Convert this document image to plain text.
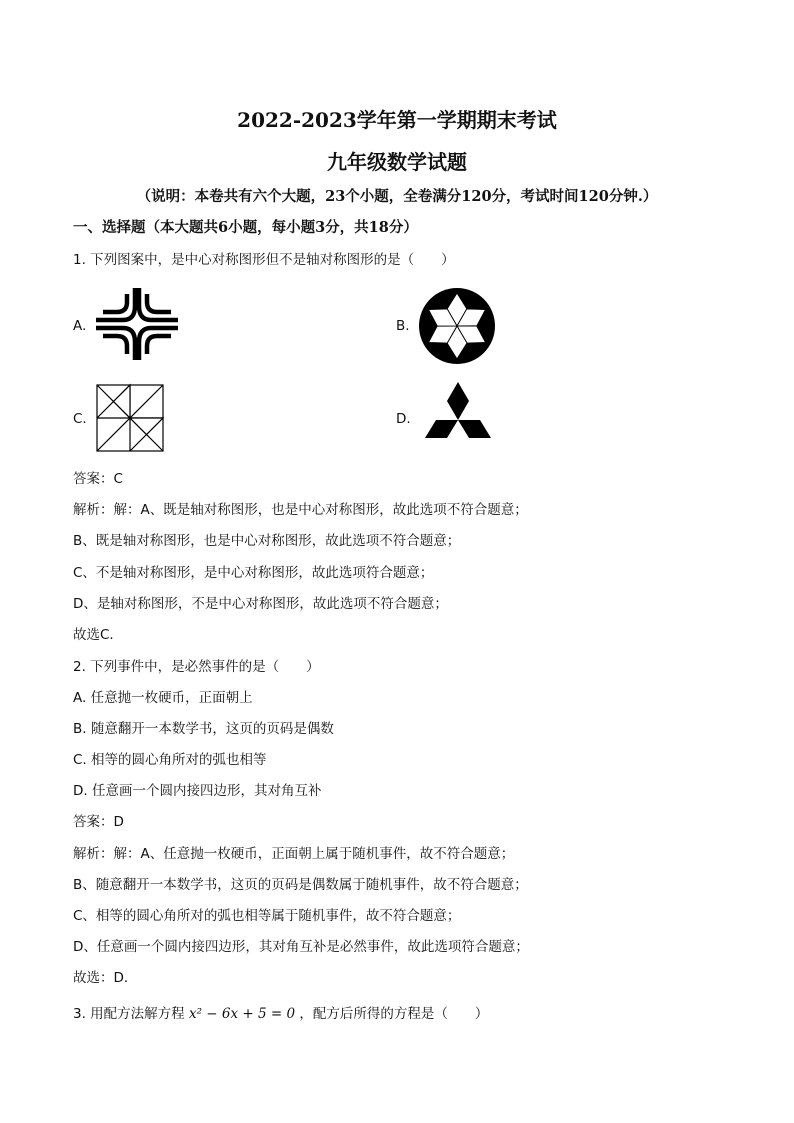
2022-2023学年第一学期期末考试
九年级数学试题
（说明：本卷共有六个大题，23个小题，全卷满分120分，考试时间120分钟.）
一、选择题（本大题共6小题，每小题3分，共18分）
1. 下列图案中，是中心对称图形但不是轴对称图形的是（　　）
A.	B.
C.	D.
答案：C
解析：解：A、既是轴对称图形，也是中心对称图形，故此选项不符合题意；
B、既是轴对称图形，也是中心对称图形，故此选项不符合题意；
C、不是轴对称图形，是中心对称图形，故此选项符合题意；
D、是轴对称图形，不是中心对称图形，故此选项不符合题意；
故选C．
2. 下列事件中，是必然事件的是（　　）
A. 任意抛一枚硬币，正面朝上
B. 随意翻开一本数学书，这页的页码是偶数
C. 相等的圆心角所对的弧也相等
D. 任意画一个圆内接四边形，其对角互补
答案：D
解析：解：A、任意抛一枚硬币，正面朝上属于随机事件，故不符合题意；
B、随意翻开一本数学书，这页的页码是偶数属于随机事件，故不符合题意；
C、相等的圆心角所对的弧也相等属于随机事件，故不符合题意；
D、任意画一个圆内接四边形，其对角互补是必然事件，故此选项符合题意；
故选：D．
3. 用配方法解方程 x² − 6x + 5 = 0 ，配方后所得的方程是（　　）
